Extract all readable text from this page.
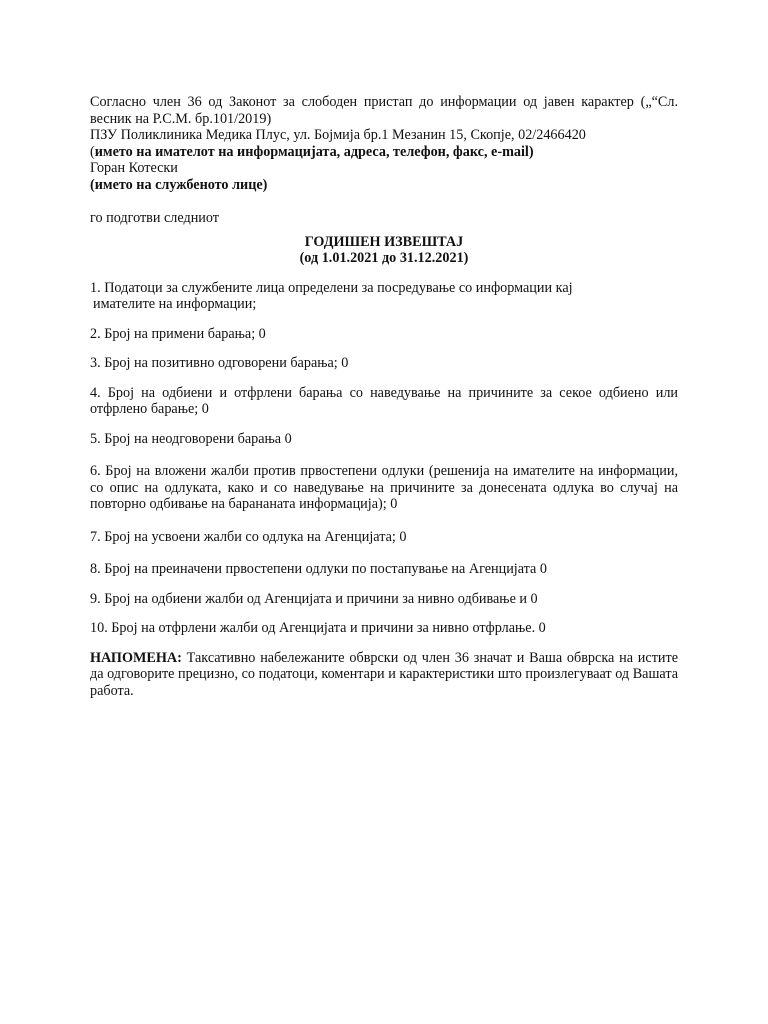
Согласно член 36 од Законот за слободен пристап до информации од јавен карактер („“Сл. весник на Р.С.М. бр.101/2019)
ПЗУ Поликлиника Медика Плус, ул. Бојмија бр.1 Мезанин 15, Скопје, 02/2466420
(името на имателот на информацијата, адреса, телефон, факс, e-mail)
Горан Котески
(името на службеното лице)
го подготви следниот
ГОДИШЕН ИЗВЕШТАЈ
(од 1.01.2021 до 31.12.2021)
1. Податоци за службените лица определени за посредување со информации кај
имателите на информации;
2. Број на примени барања; 0
3. Број на позитивно одговорени барања; 0
4. Број на одбиени и отфрлени барања со наведување на причините за секое одбиено или отфрлено барање; 0
5. Број на неодговорени барања 0
6. Број на вложени жалби против првостепени одлуки (решенија на имателите на информации, со опис на одлуката, како и со наведување на причините за донесената одлука во случај на повторно одбивање на барананата информација); 0
7. Број на усвоени жалби со одлука на Агенцијата; 0
8. Број на преиначени првостепени одлуки по постапување на Агенцијата 0
9. Број на одбиени жалби од Агенцијата и причини за нивно одбивање и 0
10. Број на отфрлени жалби од Агенцијата и причини за нивно отфрлање. 0
НАПОМЕНА: Таксативно набележаните обврски од член 36 значат и Ваша обврска на истите да одговорите прецизно, со податоци, коментари и карактеристики што произлегуваат од Вашата работа.
